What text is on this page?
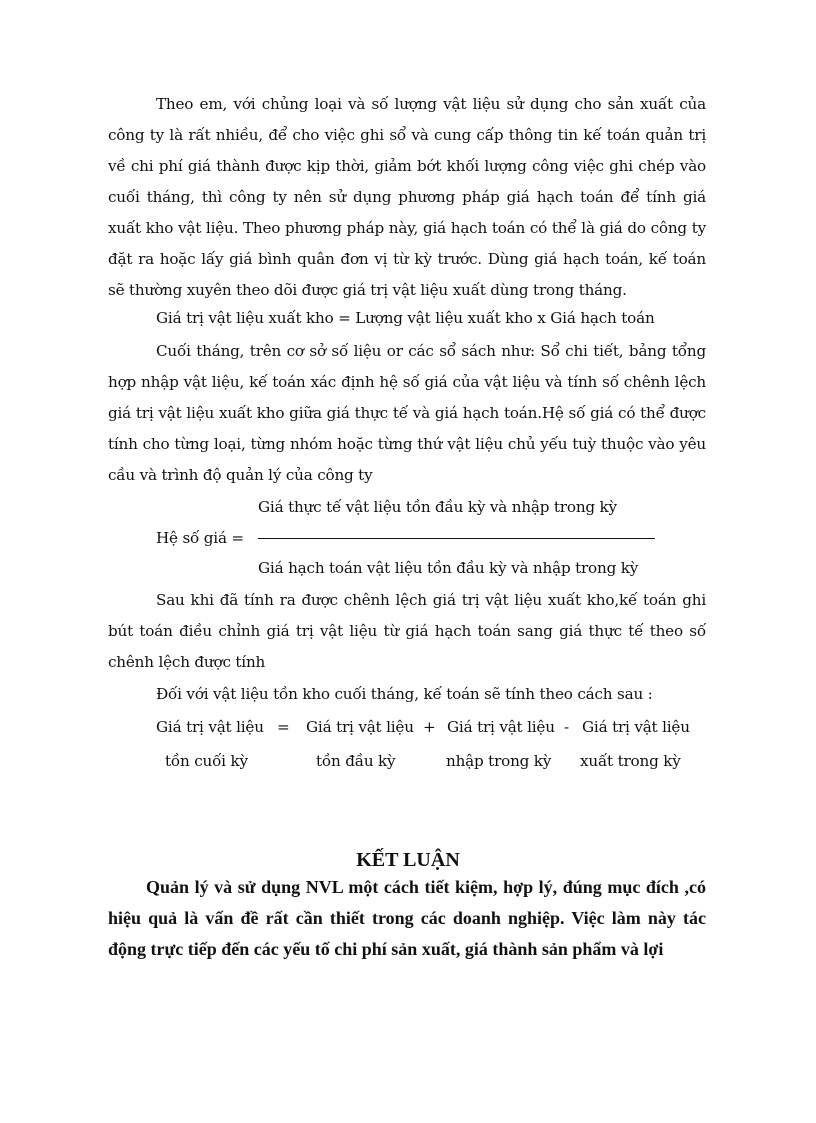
Theo em, với chủng loại và số lượng vật liệu sử dụng cho sản xuất của công ty là rất nhiều, để cho việc ghi sổ và cung cấp thông tin kế toán quản trị về chi phí giá thành được kịp thời, giảm bớt khối lượng công việc ghi chép vào cuối tháng, thì công ty nên sử dụng phương pháp giá hạch toán để tính giá xuất kho vật liệu. Theo phương pháp này, giá hạch toán có thể là giá do công ty đặt ra hoặc lấy giá bình quân đơn vị từ kỳ trước. Dùng giá hạch toán, kế toán sẽ thường xuyên theo dõi được giá trị vật liệu xuất dùng trong tháng.

Giá trị vật liệu xuất kho = Lượng vật liệu xuất kho x Giá hạch toán

Cuối tháng, trên cơ sở số liệu or các sổ sách như: Sổ chi tiết, bảng tổng hợp nhập vật liệu, kế toán xác định hệ số giá của vật liệu và tính số chênh lệch giá trị vật liệu xuất kho giữa giá thực tế và giá hạch toán.Hệ số giá có thể được tính cho từng loại, từng nhóm hoặc từng thứ vật liệu chủ yếu tuỳ thuộc vào yêu cầu và trình độ quản lý của công ty

Hệ số giá =
Giá thực tế vật liệu tồn đầu kỳ và nhập trong kỳ
Giá hạch toán vật liệu tồn đầu kỳ và nhập trong kỳ

Sau khi đã tính ra được chênh lệch giá trị vật liệu xuất kho,kế toán ghi bút toán điều chỉnh giá trị vật liệu từ giá hạch toán sang giá thực tế theo số chênh lệch được tính

Đối với vật liệu tồn kho cuối tháng, kế toán sẽ tính theo cách sau :

Giá trị vật liệu = Giá trị vật liệu + Giá trị vật liệu - Giá trị vật liệu
tồn cuối kỳ	tồn đầu kỳ	nhập trong kỳ xuất trong kỳ
KẾT LUẬN

Quản lý và sử dụng NVL một cách tiết kiệm, hợp lý, đúng mục đích ,có hiệu quả là vấn đề rất cần thiết trong các doanh nghiệp. Việc làm này tác động trực tiếp đến các yếu tố chi phí sản xuất, giá thành sản phẩm và lợi
